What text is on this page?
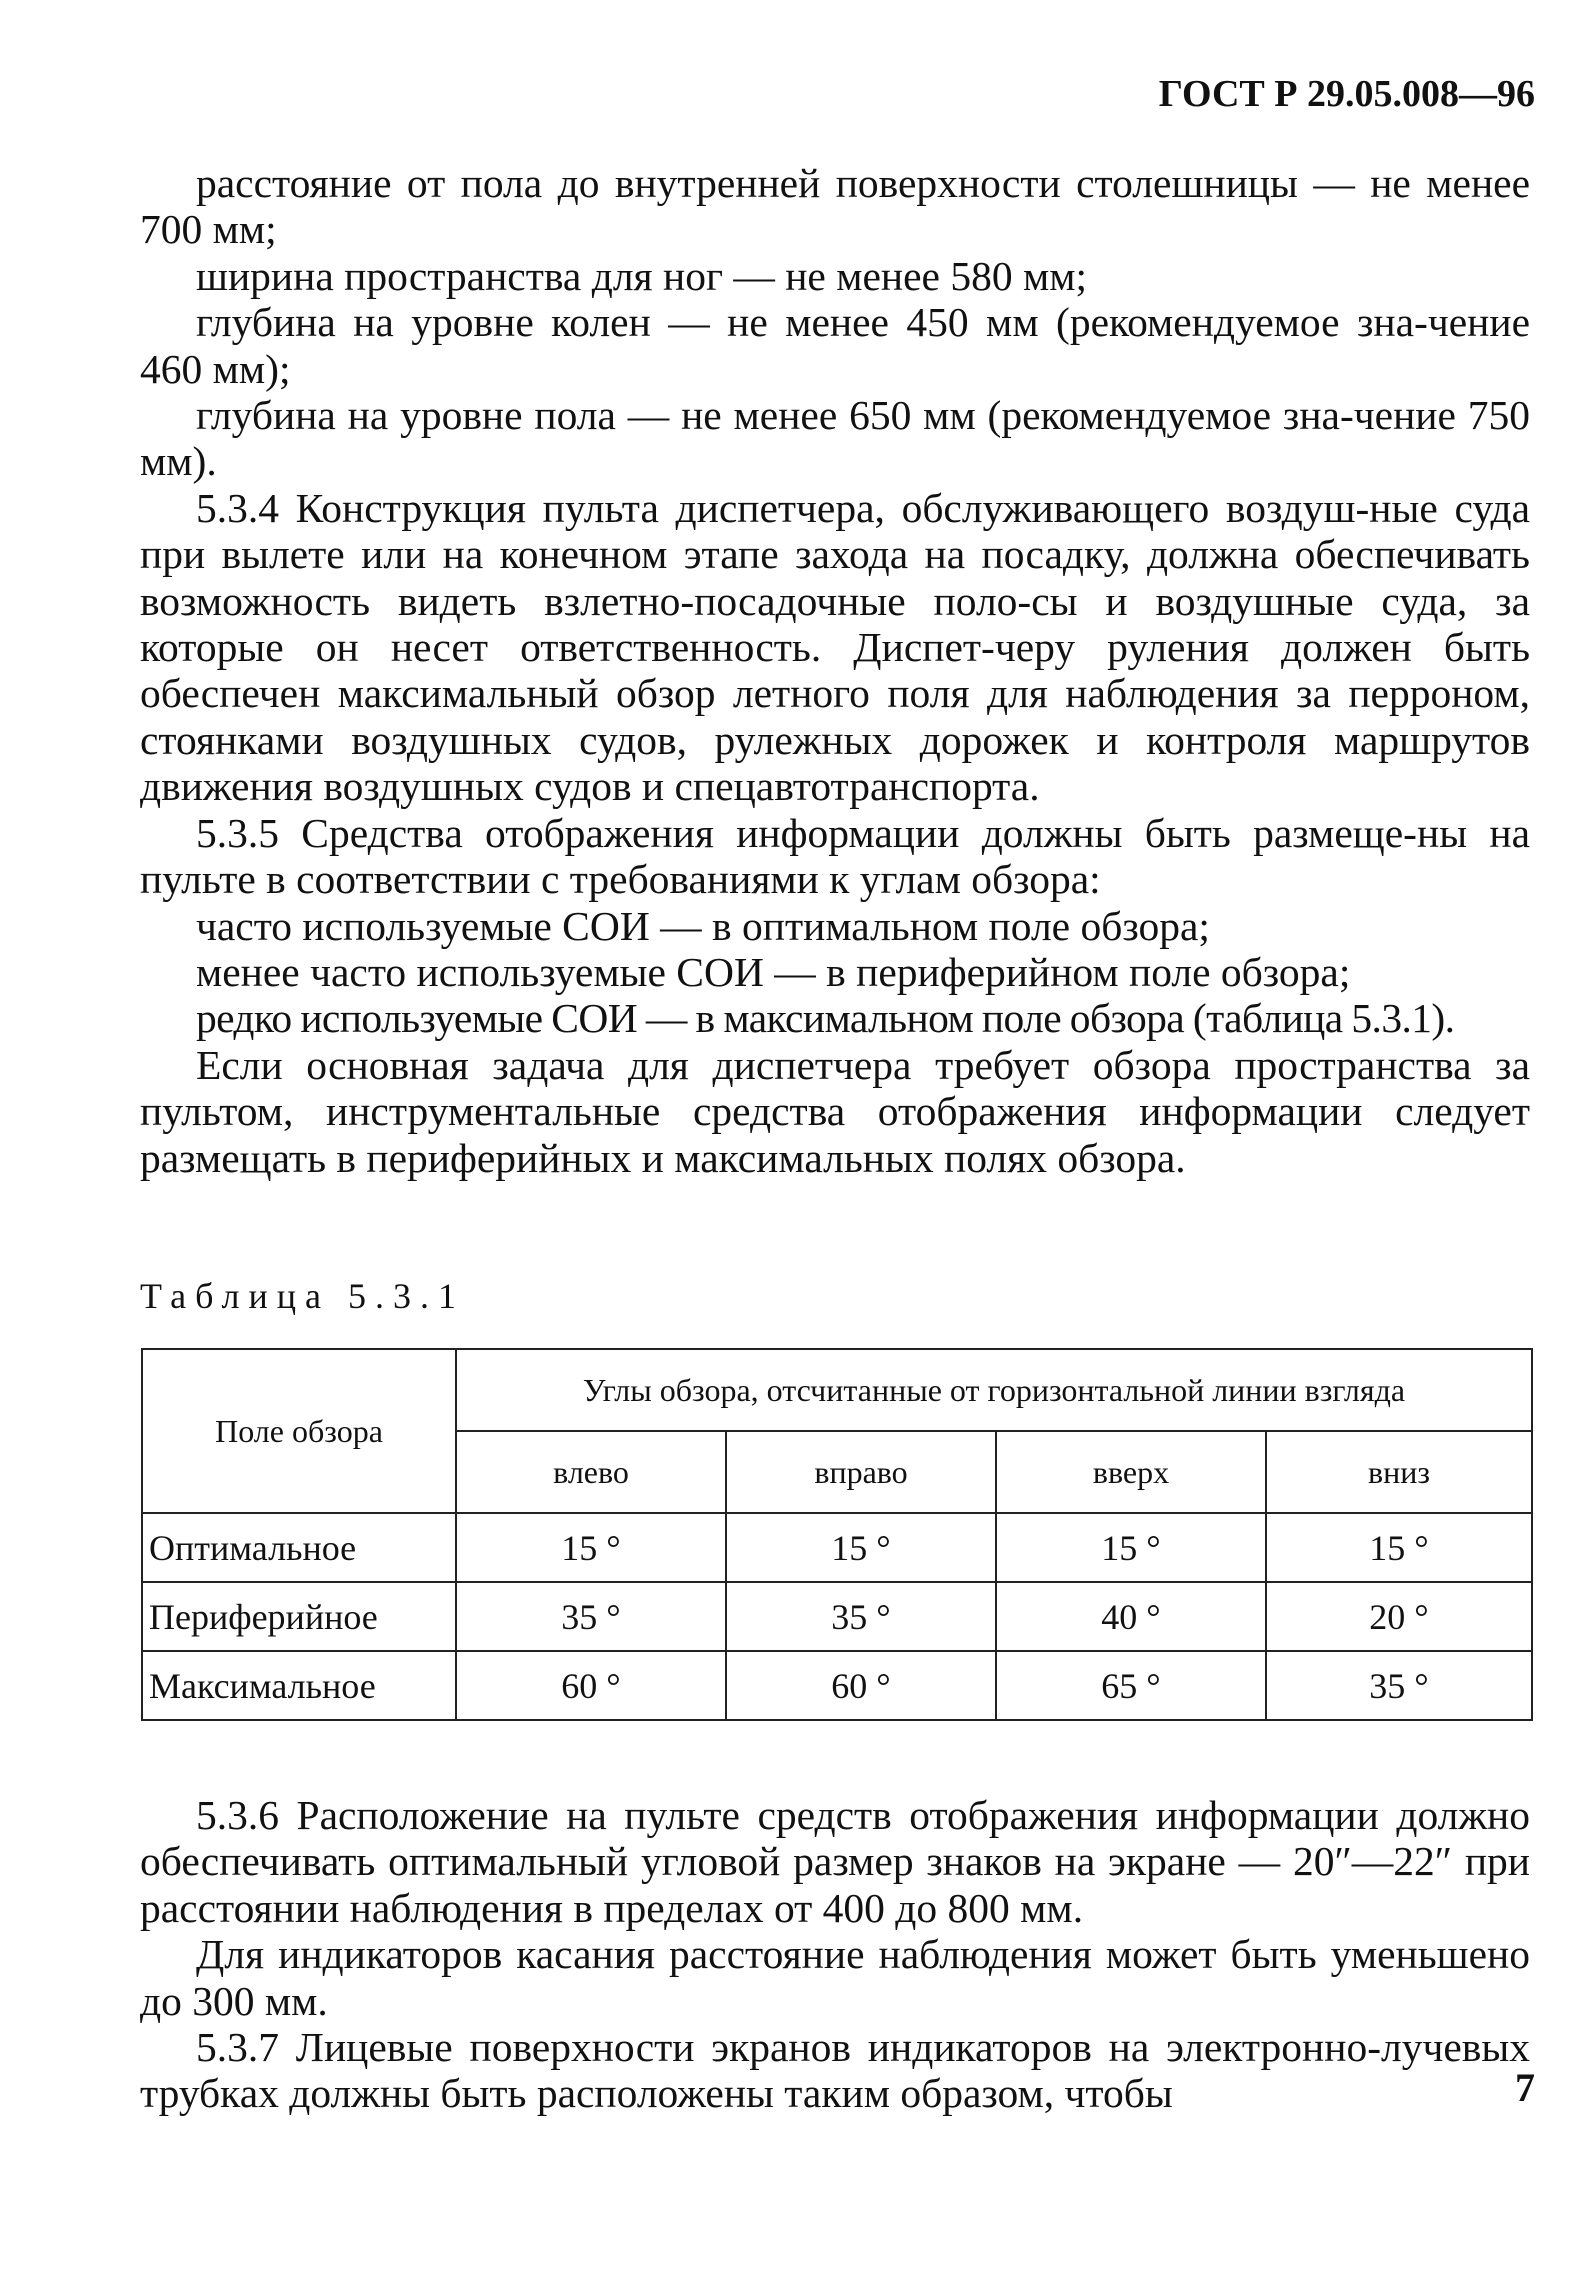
ГОСТ Р 29.05.008—96

расстояние от пола до внутренней поверхности столешницы — не менее 700 мм;

ширина пространства для ног — не менее 580 мм;

глубина на уровне колен — не менее 450 мм (рекомендуемое зна-чение 460 мм);

глубина на уровне пола — не менее 650 мм (рекомендуемое зна-чение 750 мм).

5.3.4 Конструкция пульта диспетчера, обслуживающего воздуш-ные суда при вылете или на конечном этапе захода на посадку, должна обеспечивать возможность видеть взлетно-посадочные поло-сы и воздушные суда, за которые он несет ответственность. Диспет-черу руления должен быть обеспечен максимальный обзор летного поля для наблюдения за перроном, стоянками воздушных судов, рулежных дорожек и контроля маршрутов движения воздушных судов и спецавтотранспорта.

5.3.5 Средства отображения информации должны быть размеще-ны на пульте в соответствии с требованиями к углам обзора:

часто используемые СОИ — в оптимальном поле обзора;

менее часто используемые СОИ — в периферийном поле обзора;

редко используемые СОИ — в максимальном поле обзора (таблица 5.3.1).

Если основная задача для диспетчера требует обзора пространства за пультом, инструментальные средства отображения информации следует размещать в периферийных и максимальных полях обзора.

Таблица 5.3.1
Поле обзора	Углы обзора, отсчитанные от горизонтальной линии взгляда			
	влево	вправо	вверх	вниз
Оптимальное	15 °	15 °	15 °	15 °
Периферийное	35 °	35 °	40 °	20 °
Максимальное	60 °	60 °	65 °	35 °

5.3.6 Расположение на пульте средств отображения информации должно обеспечивать оптимальный угловой размер знаков на экране — 20″—22″ при расстоянии наблюдения в пределах от 400 до 800 мм.

Для индикаторов касания расстояние наблюдения может быть уменьшено до 300 мм.

5.3.7 Лицевые поверхности экранов индикаторов на электронно-лучевых трубках должны быть расположены таким образом, чтобы	7
